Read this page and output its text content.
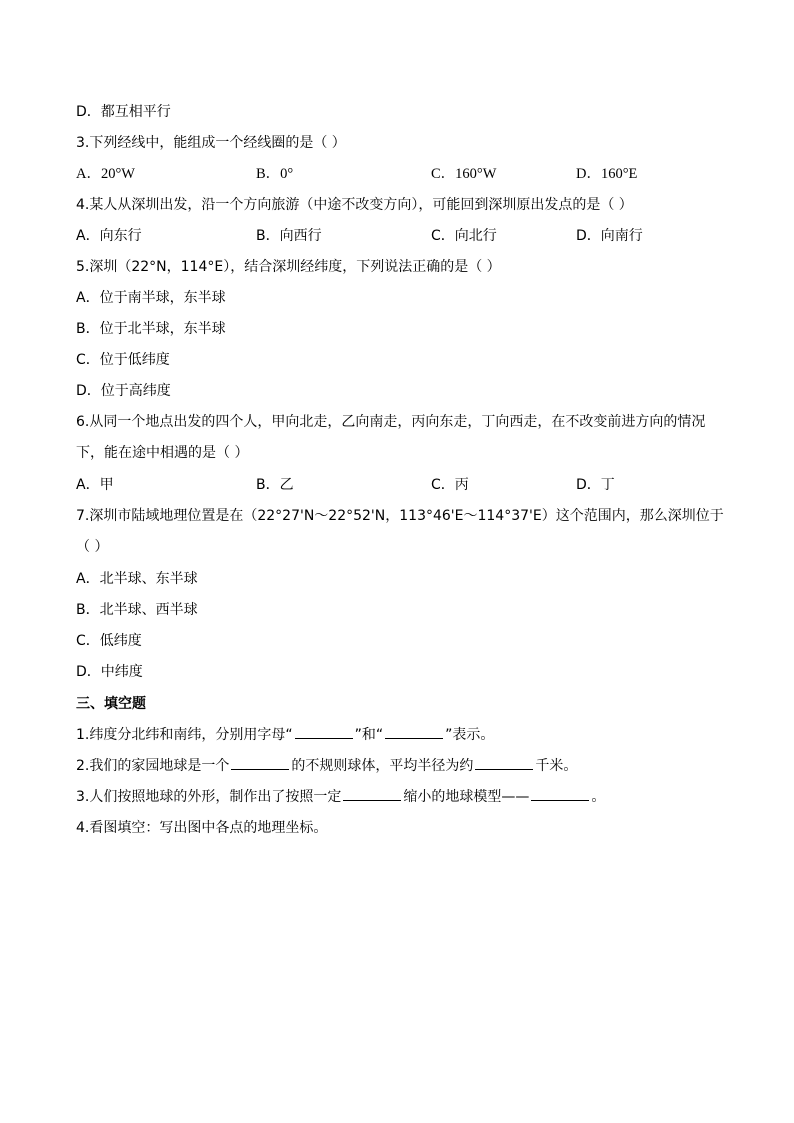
D．都互相平行
3.下列经线中，能组成一个经线圈的是（ ）
A．20°W	B．0°	C．160°W	D．160°E
4.某人从深圳出发，沿一个方向旅游（中途不改变方向），可能回到深圳原出发点的是（ ）
A．向东行	B．向西行	C．向北行	D．向南行
5.深圳（22°N，114°E），结合深圳经纬度，下列说法正确的是（ ）
A．位于南半球，东半球
B．位于北半球，东半球
C．位于低纬度
D．位于高纬度
6.从同一个地点出发的四个人，甲向北走，乙向南走，丙向东走，丁向西走，在不改变前进方向的情况下，能在途中相遇的是（ ）
A．甲	B．乙	C．丙	D．丁
7.深圳市陆域地理位置是在（22°27'N～22°52'N，113°46'E～114°37'E）这个范围内，那么深圳位于（ ）
A．北半球、东半球
B．北半球、西半球
C．低纬度
D．中纬度
三、填空题
1.纬度分北纬和南纬，分别用字母“	”和“	”表示。
2.我们的家园地球是一个	的不规则球体，平均半径为约	千米。
3.人们按照地球的外形，制作出了按照一定	缩小的地球模型——	。
4.看图填空：写出图中各点的地理坐标。
